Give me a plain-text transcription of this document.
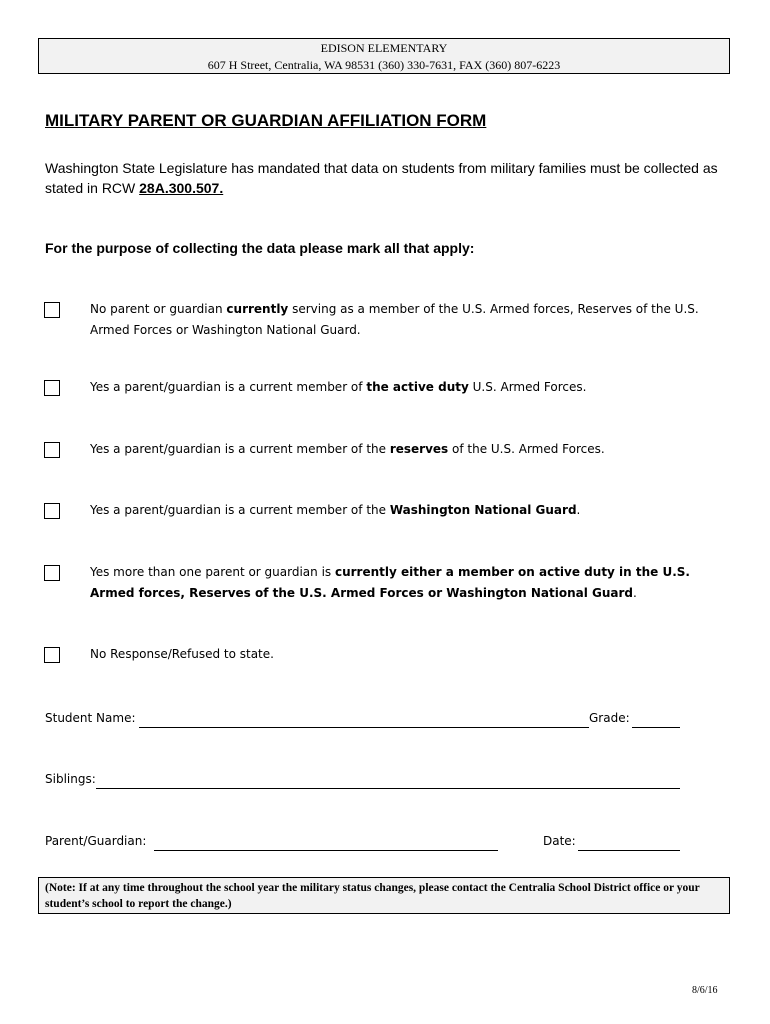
EDISON ELEMENTARY
607 H Street, Centralia, WA 98531 (360) 330-7631, FAX (360) 807-6223
MILITARY PARENT OR GUARDIAN AFFILIATION FORM
Washington State Legislature has mandated that data on students from military families must be collected as stated in RCW 28A.300.507.
For the purpose of collecting the data please mark all that apply:
No parent or guardian currently serving as a member of the U.S. Armed forces, Reserves of the U.S. Armed Forces or Washington National Guard.
Yes a parent/guardian is a current member of the active duty U.S. Armed Forces.
Yes a parent/guardian is a current member of the reserves of the U.S. Armed Forces.
Yes a parent/guardian is a current member of the Washington National Guard.
Yes more than one parent or guardian is currently either a member on active duty in the U.S. Armed forces, Reserves of the U.S. Armed Forces or Washington National Guard.
No Response/Refused to state.
Student Name:	Grade:
Siblings:
Parent/Guardian:	Date:
(Note: If at any time throughout the school year the military status changes, please contact the Centralia School District office or your student’s school to report the change.)
8/6/16
